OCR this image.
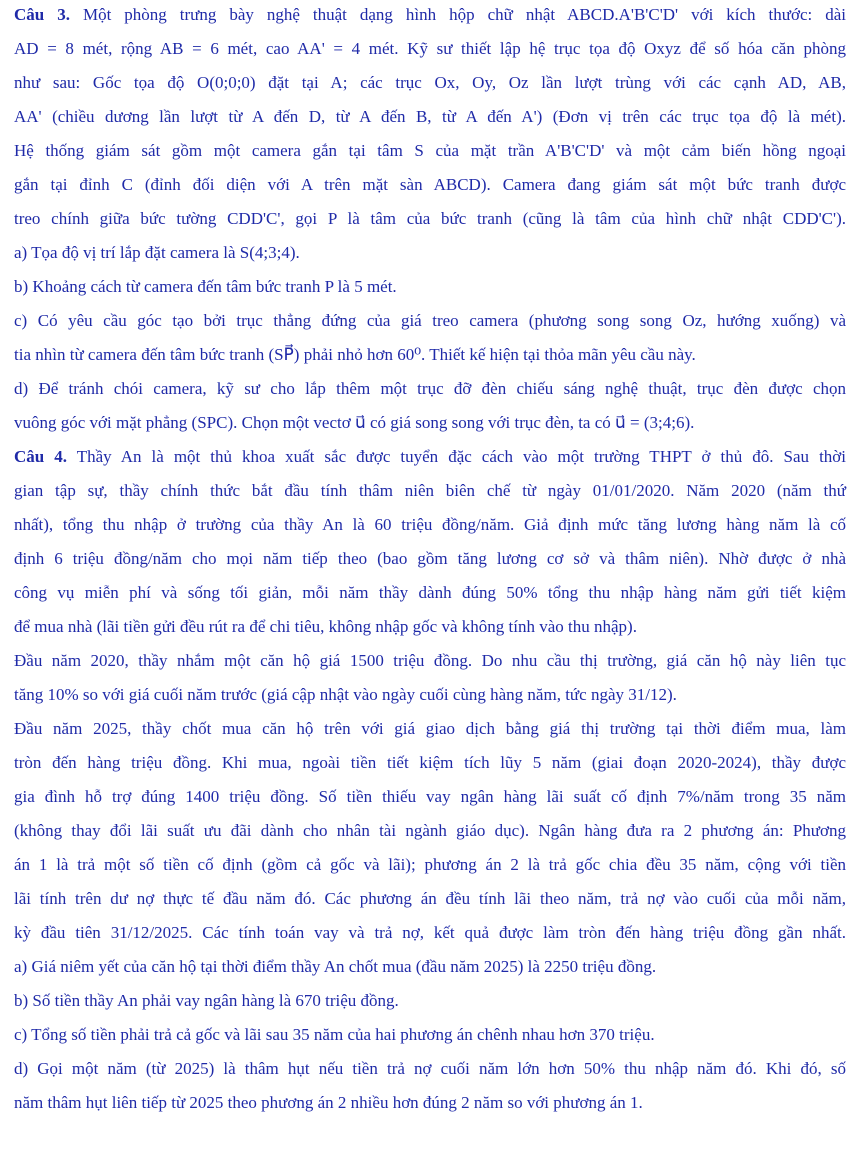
Câu 3. Một phòng trưng bày nghệ thuật dạng hình hộp chữ nhật ABCD.A'B'C'D' với kích thước: dài
AD = 8 mét, rộng AB = 6 mét, cao AA' = 4 mét. Kỹ sư thiết lập hệ trục tọa độ Oxyz để số hóa căn phòng
như sau: Gốc tọa độ O(0;0;0) đặt tại A; các trục Ox, Oy, Oz lần lượt trùng với các cạnh AD, AB,
AA' (chiều dương lần lượt từ A đến D, từ A đến B, từ A đến A') (Đơn vị trên các trục tọa độ là mét).
Hệ thống giám sát gồm một camera gắn tại tâm S của mặt trần A'B'C'D' và một cảm biến hồng ngoại
gắn tại đỉnh C (đỉnh đối diện với A trên mặt sàn ABCD). Camera đang giám sát một bức tranh được
treo chính giữa bức tường CDD'C', gọi P là tâm của bức tranh (cũng là tâm của hình chữ nhật CDD'C').
a) Tọa độ vị trí lắp đặt camera là S(4;3;4).
b) Khoảng cách từ camera đến tâm bức tranh P là 5 mét.
c) Có yêu cầu góc tạo bởi trục thẳng đứng của giá treo camera (phương song song Oz, hướng xuống) và
tia nhìn từ camera đến tâm bức tranh (SP⃗) phải nhỏ hơn 60⁰. Thiết kế hiện tại thỏa mãn yêu cầu này.
d) Để tránh chói camera, kỹ sư cho lắp thêm một trục đỡ đèn chiếu sáng nghệ thuật, trục đèn được chọn
vuông góc với mặt phẳng (SPC). Chọn một vectơ u⃗ có giá song song với trục đèn, ta có u⃗ = (3;4;6).
Câu 4. Thầy An là một thủ khoa xuất sắc được tuyển đặc cách vào một trường THPT ở thủ đô. Sau thời
gian tập sự, thầy chính thức bắt đầu tính thâm niên biên chế từ ngày 01/01/2020. Năm 2020 (năm thứ
nhất), tổng thu nhập ở trường của thầy An là 60 triệu đồng/năm. Giả định mức tăng lương hàng năm là cố
định 6 triệu đồng/năm cho mọi năm tiếp theo (bao gồm tăng lương cơ sở và thâm niên). Nhờ được ở nhà
công vụ miễn phí và sống tối giản, mỗi năm thầy dành đúng 50% tổng thu nhập hàng năm gửi tiết kiệm
để mua nhà (lãi tiền gửi đều rút ra để chi tiêu, không nhập gốc và không tính vào thu nhập).
Đầu năm 2020, thầy nhắm một căn hộ giá 1500 triệu đồng. Do nhu cầu thị trường, giá căn hộ này liên tục
tăng 10% so với giá cuối năm trước (giá cập nhật vào ngày cuối cùng hàng năm, tức ngày 31/12).
Đầu năm 2025, thầy chốt mua căn hộ trên với giá giao dịch bằng giá thị trường tại thời điểm mua, làm
tròn đến hàng triệu đồng. Khi mua, ngoài tiền tiết kiệm tích lũy 5 năm (giai đoạn 2020-2024), thầy được
gia đình hỗ trợ đúng 1400 triệu đồng. Số tiền thiếu vay ngân hàng lãi suất cố định 7%/năm trong 35 năm
(không thay đổi lãi suất ưu đãi dành cho nhân tài ngành giáo dục). Ngân hàng đưa ra 2 phương án: Phương
án 1 là trả một số tiền cố định (gồm cả gốc và lãi); phương án 2 là trả gốc chia đều 35 năm, cộng với tiền
lãi tính trên dư nợ thực tế đầu năm đó. Các phương án đều tính lãi theo năm, trả nợ vào cuối của mỗi năm,
kỳ đầu tiên 31/12/2025. Các tính toán vay và trả nợ, kết quả được làm tròn đến hàng triệu đồng gần nhất.
a) Giá niêm yết của căn hộ tại thời điểm thầy An chốt mua (đầu năm 2025) là 2250 triệu đồng.
b) Số tiền thầy An phải vay ngân hàng là 670 triệu đồng.
c) Tổng số tiền phải trả cả gốc và lãi sau 35 năm của hai phương án chênh nhau hơn 370 triệu.
d) Gọi một năm (từ 2025) là thâm hụt nếu tiền trả nợ cuối năm lớn hơn 50% thu nhập năm đó. Khi đó, số
năm thâm hụt liên tiếp từ 2025 theo phương án 2 nhiều hơn đúng 2 năm so với phương án 1.
